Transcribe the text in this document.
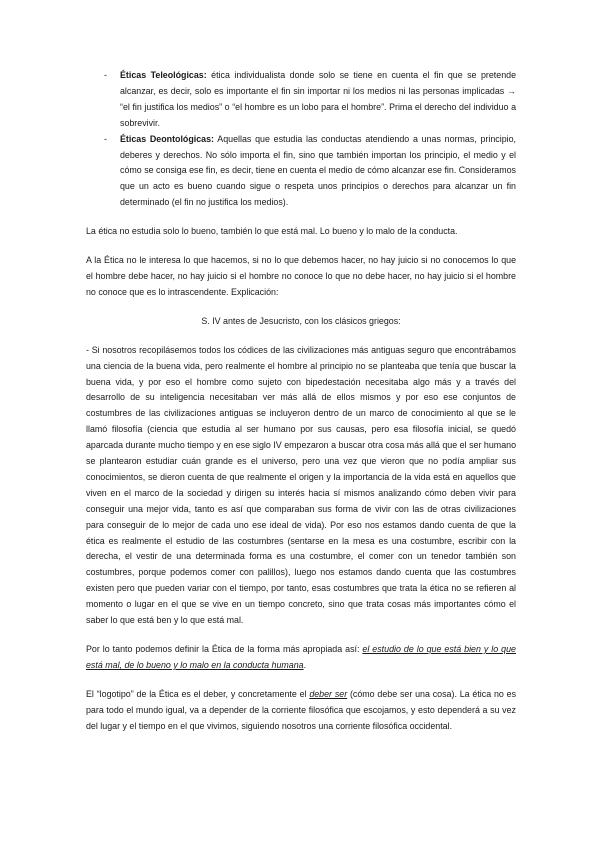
- Éticas Teleológicas: ética individualista donde solo se tiene en cuenta el fin que se pretende alcanzar, es decir, solo es importante el fin sin importar ni los medios ni las personas implicadas → “el fin justifica los medios” o “el hombre es un lobo para el hombre”. Prima el derecho del individuo a sobrevivir.

- Éticas Deontológicas: Aquellas que estudia las conductas atendiendo a unas normas, principio, deberes y derechos. No sólo importa el fin, sino que también importan los principio, el medio y el cómo se consiga ese fin, es decir, tiene en cuenta el medio de cómo alcanzar ese fin. Consideramos que un acto es bueno cuando sigue o respeta unos principios o derechos para alcanzar un fin determinado (el fin no justifica los medios).

La ética no estudia solo lo bueno, también lo que está mal. Lo bueno y lo malo de la conducta.

A la Ética no le interesa lo que hacemos, si no lo que debemos hacer, no hay juicio si no conocemos lo que el hombre debe hacer, no hay juicio si el hombre no conoce lo que no debe hacer, no hay juicio si el hombre no conoce que es lo intrascendente. Explicación:

S. IV antes de Jesucristo, con los clásicos griegos:

- Si nosotros recopilásemos todos los códices de las civilizaciones más antiguas seguro que encontrábamos una ciencia de la buena vida, pero realmente el hombre al principio no se planteaba que tenía que buscar la buena vida, y por eso el hombre como sujeto con bipedestación necesitaba algo más y a través del desarrollo de su inteligencia necesitaban ver más allá de ellos mismos y por eso ese conjuntos de costumbres de las civilizaciones antiguas se incluyeron dentro de un marco de conocimiento al que se le llamó filosofía (ciencia que estudia al ser humano por sus causas, pero esa filosofía inicial, se quedó aparcada durante mucho tiempo y en ese siglo IV empezaron a buscar otra cosa más allá que el ser humano se plantearon estudiar cuán grande es el universo, pero una vez que vieron que no podía ampliar sus conocimientos, se dieron cuenta de que realmente el origen y la importancia de la vida está en aquellos que viven en el marco de la sociedad y dirigen su interés hacia sí mismos analizando cómo deben vivir para conseguir una mejor vida, tanto es así que comparaban sus forma de vivir con las de otras civilizaciones para conseguir de lo mejor de cada uno ese ideal de vida). Por eso nos estamos dando cuenta de que la ética es realmente el estudio de las costumbres (sentarse en la mesa es una costumbre, escribir con la derecha, el vestir de una determinada forma es una costumbre, el comer con un tenedor también son costumbres, porque podemos comer con palillos), luego nos estamos dando cuenta que las costumbres existen pero que pueden variar con el tiempo, por tanto, esas costumbres que trata la ética no se refieren al momento o lugar en el que se vive en un tiempo concreto, sino que trata cosas más importantes cómo el saber lo que está ben y lo que está mal.

Por lo tanto podemos definir la Ética de la forma más apropiada así: el estudio de lo que está bien y lo que está mal, de lo bueno y lo malo en la conducta humana.

El “logotipo” de la Ética es el deber, y concretamente el deber ser (cómo debe ser una cosa). La ética no es para todo el mundo igual, va a depender de la corriente filosófica que escojamos, y esto dependerá a su vez del lugar y el tiempo en el que vivimos, siguiendo nosotros una corriente filosófica occidental.
